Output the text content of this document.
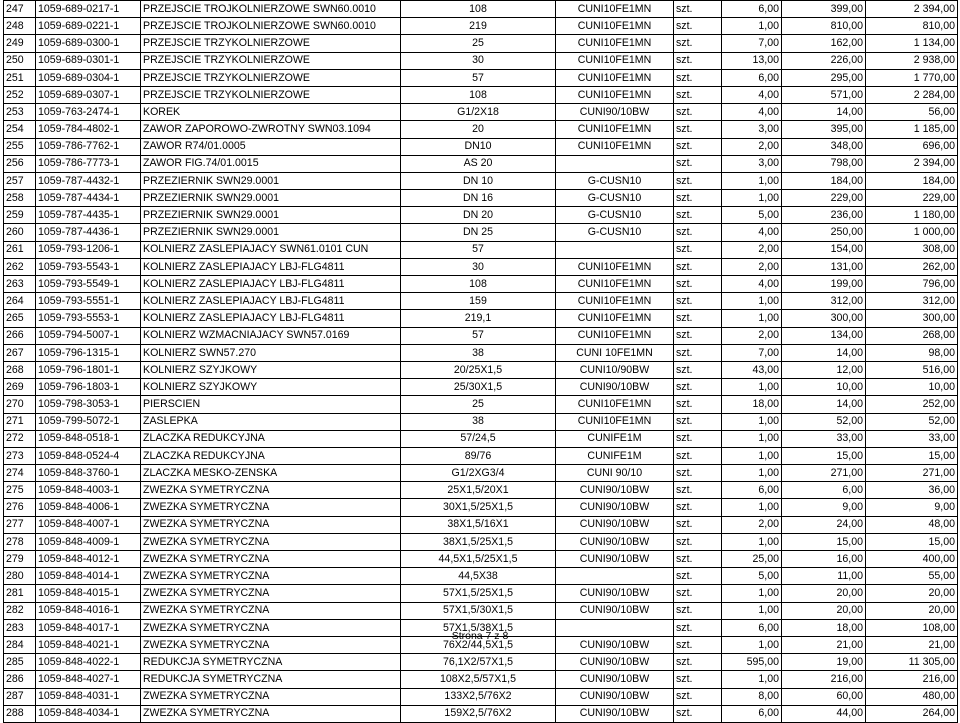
247	1059-689-0217-1	PRZEJSCIE TROJKOLNIERZOWE SWN60.0010	108	CUNI10FE1MN	szt.	6,00	399,00	2 394,00
248	1059-689-0221-1	PRZEJSCIE TROJKOLNIERZOWE SWN60.0010	219	CUNI10FE1MN	szt.	1,00	810,00	810,00
249	1059-689-0300-1	PRZEJSCIE TRZYKOLNIERZOWE	25	CUNI10FE1MN	szt.	7,00	162,00	1 134,00
250	1059-689-0301-1	PRZEJSCIE TRZYKOLNIERZOWE	30	CUNI10FE1MN	szt.	13,00	226,00	2 938,00
251	1059-689-0304-1	PRZEJSCIE TRZYKOLNIERZOWE	57	CUNI10FE1MN	szt.	6,00	295,00	1 770,00
252	1059-689-0307-1	PRZEJSCIE TRZYKOLNIERZOWE	108	CUNI10FE1MN	szt.	4,00	571,00	2 284,00
253	1059-763-2474-1	KOREK	G1/2X18	CUNI90/10BW	szt.	4,00	14,00	56,00
254	1059-784-4802-1	ZAWOR ZAPOROWO-ZWROTNY SWN03.1094	20	CUNI10FE1MN	szt.	3,00	395,00	1 185,00
255	1059-786-7762-1	ZAWOR R74/01.0005	DN10	CUNI10FE1MN	szt.	2,00	348,00	696,00
256	1059-786-7773-1	ZAWOR FIG.74/01.0015	AS 20		szt.	3,00	798,00	2 394,00
257	1059-787-4432-1	PRZEZIERNIK SWN29.0001	DN 10	G-CUSN10	szt.	1,00	184,00	184,00
258	1059-787-4434-1	PRZEZIERNIK SWN29.0001	DN 16	G-CUSN10	szt.	1,00	229,00	229,00
259	1059-787-4435-1	PRZEZIERNIK SWN29.0001	DN 20	G-CUSN10	szt.	5,00	236,00	1 180,00
260	1059-787-4436-1	PRZEZIERNIK SWN29.0001	DN 25	G-CUSN10	szt.	4,00	250,00	1 000,00
261	1059-793-1206-1	KOLNIERZ ZASLEPIAJACY SWN61.0101 CUN	57		szt.	2,00	154,00	308,00
262	1059-793-5543-1	KOLNIERZ ZASLEPIAJACY LBJ-FLG4811	30	CUNI10FE1MN	szt.	2,00	131,00	262,00
263	1059-793-5549-1	KOLNIERZ ZASLEPIAJACY LBJ-FLG4811	108	CUNI10FE1MN	szt.	4,00	199,00	796,00
264	1059-793-5551-1	KOLNIERZ ZASLEPIAJACY LBJ-FLG4811	159	CUNI10FE1MN	szt.	1,00	312,00	312,00
265	1059-793-5553-1	KOLNIERZ ZASLEPIAJACY LBJ-FLG4811	219,1	CUNI10FE1MN	szt.	1,00	300,00	300,00
266	1059-794-5007-1	KOLNIERZ WZMACNIAJACY SWN57.0169	57	CUNI10FE1MN	szt.	2,00	134,00	268,00
267	1059-796-1315-1	KOLNIERZ SWN57.270	38	CUNI 10FE1MN	szt.	7,00	14,00	98,00
268	1059-796-1801-1	KOLNIERZ SZYJKOWY	20/25X1,5	CUNI10/90BW	szt.	43,00	12,00	516,00
269	1059-796-1803-1	KOLNIERZ SZYJKOWY	25/30X1,5	CUNI90/10BW	szt.	1,00	10,00	10,00
270	1059-798-3053-1	PIERSCIEN	25	CUNI10FE1MN	szt.	18,00	14,00	252,00
271	1059-799-5072-1	ZASLEPKA	38	CUNI10FE1MN	szt.	1,00	52,00	52,00
272	1059-848-0518-1	ZLACZKA REDUKCYJNA	57/24,5	CUNIFE1M	szt.	1,00	33,00	33,00
273	1059-848-0524-4	ZLACZKA REDUKCYJNA	89/76	CUNIFE1M	szt.	1,00	15,00	15,00
274	1059-848-3760-1	ZLACZKA MESKO-ZENSKA	G1/2XG3/4	CUNI 90/10	szt.	1,00	271,00	271,00
275	1059-848-4003-1	ZWEZKA SYMETRYCZNA	25X1,5/20X1	CUNI90/10BW	szt.	6,00	6,00	36,00
276	1059-848-4006-1	ZWEZKA SYMETRYCZNA	30X1,5/25X1,5	CUNI90/10BW	szt.	1,00	9,00	9,00
277	1059-848-4007-1	ZWEZKA SYMETRYCZNA	38X1,5/16X1	CUNI90/10BW	szt.	2,00	24,00	48,00
278	1059-848-4009-1	ZWEZKA SYMETRYCZNA	38X1,5/25X1,5	CUNI90/10BW	szt.	1,00	15,00	15,00
279	1059-848-4012-1	ZWEZKA SYMETRYCZNA	44,5X1,5/25X1,5	CUNI90/10BW	szt.	25,00	16,00	400,00
280	1059-848-4014-1	ZWEZKA SYMETRYCZNA	44,5X38		szt.	5,00	11,00	55,00
281	1059-848-4015-1	ZWEZKA SYMETRYCZNA	57X1,5/25X1,5	CUNI90/10BW	szt.	1,00	20,00	20,00
282	1059-848-4016-1	ZWEZKA SYMETRYCZNA	57X1,5/30X1,5	CUNI90/10BW	szt.	1,00	20,00	20,00
283	1059-848-4017-1	ZWEZKA SYMETRYCZNA	57X1,5/38X1,5		szt.	6,00	18,00	108,00
284	1059-848-4021-1	ZWEZKA SYMETRYCZNA	76X2/44,5X1,5	CUNI90/10BW	szt.	1,00	21,00	21,00
285	1059-848-4022-1	REDUKCJA SYMETRYCZNA	76,1X2/57X1,5	CUNI90/10BW	szt.	595,00	19,00	11 305,00
286	1059-848-4027-1	REDUKCJA SYMETRYCZNA	108X2,5/57X1,5	CUNI90/10BW	szt.	1,00	216,00	216,00
287	1059-848-4031-1	ZWEZKA SYMETRYCZNA	133X2,5/76X2	CUNI90/10BW	szt.	8,00	60,00	480,00
288	1059-848-4034-1	ZWEZKA SYMETRYCZNA	159X2,5/76X2	CUNI90/10BW	szt.	6,00	44,00	264,00
Strona 7 z 8
